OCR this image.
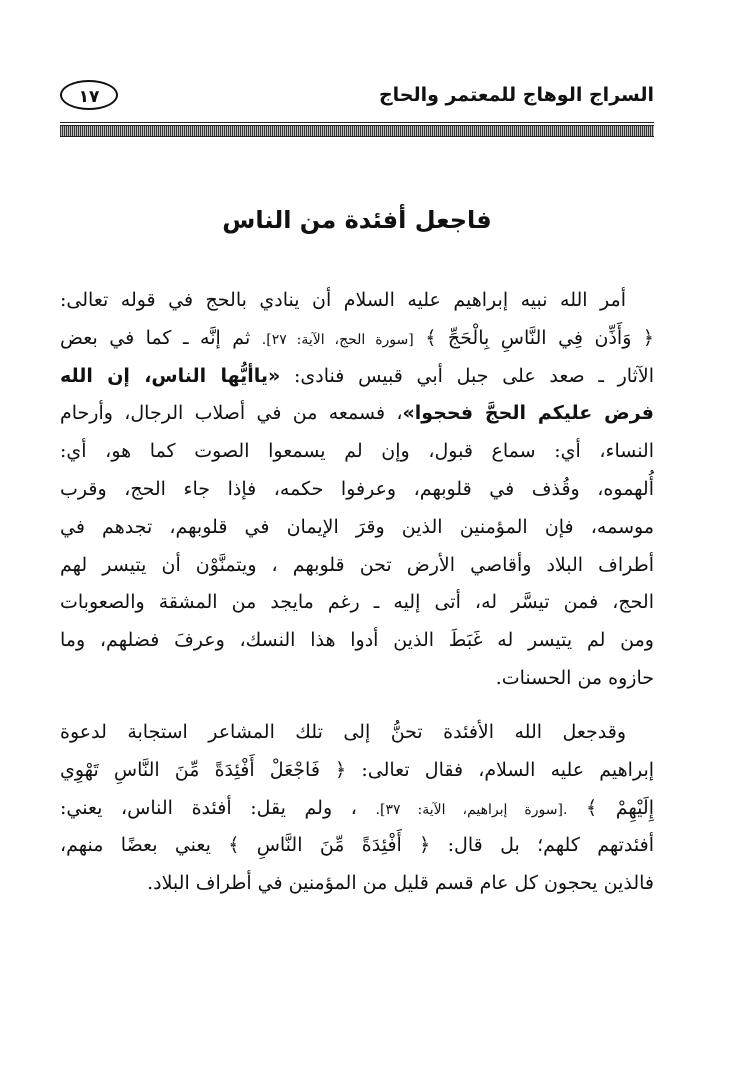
السراج الوهاج للمعتمر والحاج
١٧
فاجعل أفئدة من الناس
أمر الله نبيه إبراهيم عليه السلام أن ينادي بالحج في قوله تعالى:
﴿ وَأَذِّن فِي النَّاسِ بِالْحَجِّ ﴾ [سورة الحج، الآية: ٢٧]. ثم إنَّه ـ كما في بعض
الآثار ـ صعد على جبل أبي قبيس فنادى: «ياأيُّها الناس، إن الله
فرض عليكم الحجَّ فحجوا»، فسمعه من في أصلاب الرجال، وأرحام
النساء، أي: سماع قبول، وإن لم يسمعوا الصوت كما هو، أي:
أُلهموه، وقُذف في قلوبهم، وعرفوا حكمه، فإذا جاء الحج، وقرب
موسمه، فإن المؤمنين الذين وقرَ الإيمان في قلوبهم، تجدهم في
أطراف البلاد وأقاصي الأرض تحن قلوبهم ، ويتمنَّوْن أن يتيسر لهم
الحج، فمن تيسَّر له، أتى إليه ـ رغم مايجد من المشقة والصعوبات
ومن لم يتيسر له غَبَطَ الذين أدوا هذا النسك، وعرفَ فضلهم، وما
حازوه من الحسنات.
وقدجعل الله الأفئدة تحنُّ إلى تلك المشاعر استجابة لدعوة
إبراهيم عليه السلام، فقال تعالى: ﴿ فَاجْعَلْ أَفْئِدَةً مِّنَ النَّاسِ تَهْوِي
إِلَيْهِمْ ﴾ .[سورة إبراهيم، الآية: ٣٧]. ، ولم يقل: أفئدة الناس، يعني:
أفئدتهم كلهم؛ بل قال: ﴿ أَفْئِدَةً مِّنَ النَّاسِ ﴾ يعني بعضًا منهم،
فالذين يحجون كل عام قسم قليل من المؤمنين في أطراف البلاد.
